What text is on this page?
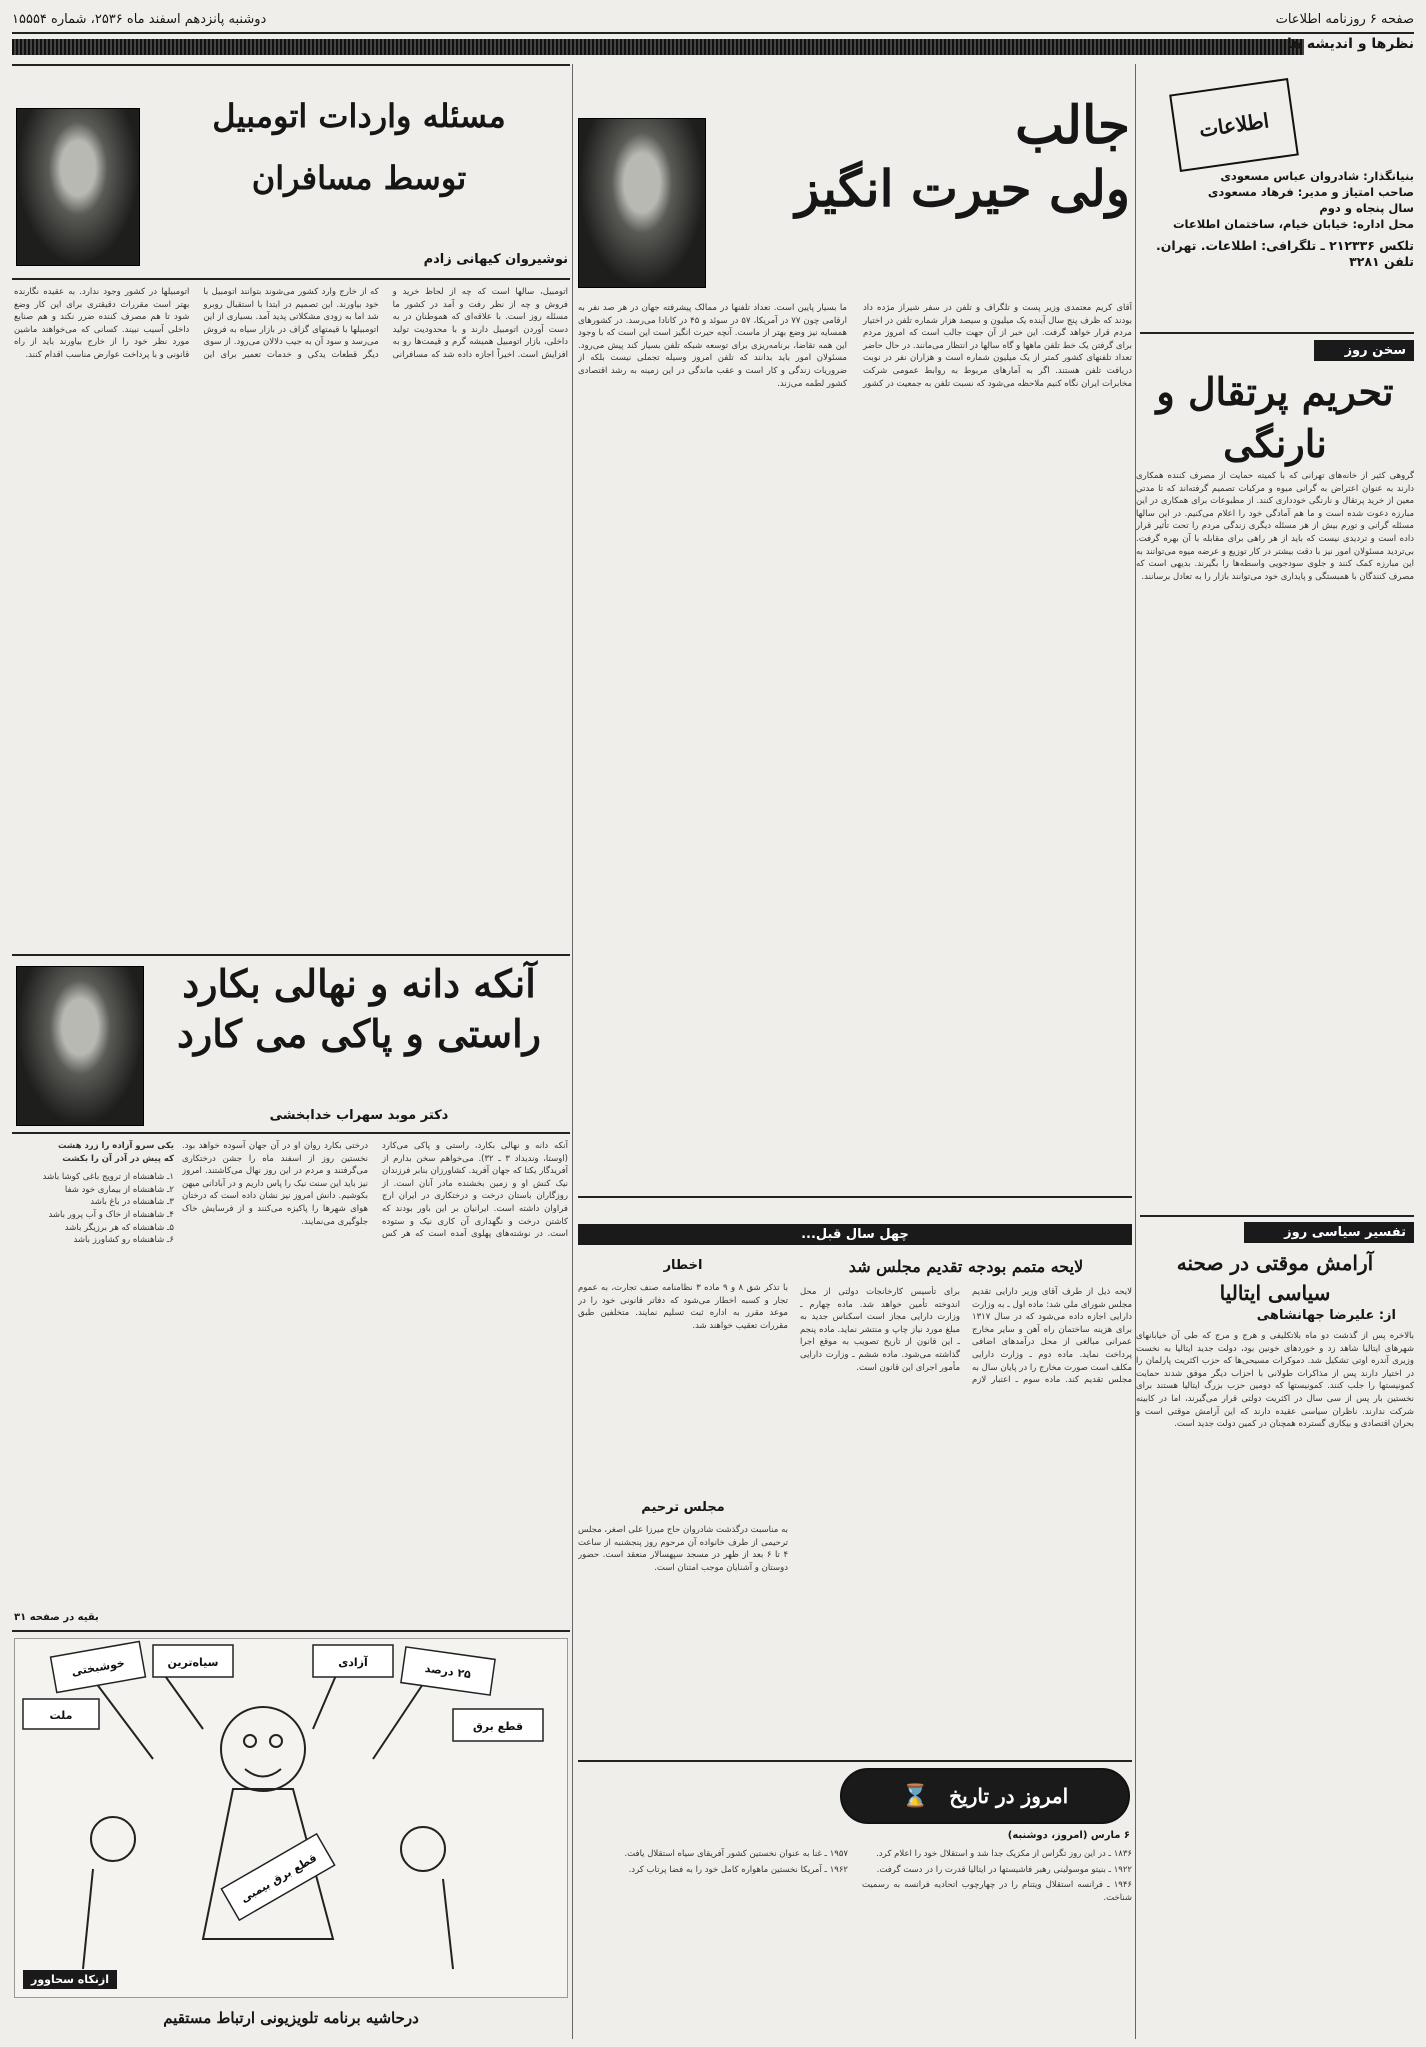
صفحه ۶ روزنامه اطلاعات
دوشنبه پانزدهم اسفند ماه ۲۵۳۶، شماره ۱۵۵۵۴
نظرها و اندیشه ها
اطلاعات
بنیانگذار: شادروان عباس مسعودی
صاحب امتیاز و مدیر: فرهاد مسعودی
سال پنجاه و دوم
محل اداره: خیابان خیام، ساختمان اطلاعات
تلکس ۲۱۲۳۳۶ ـ تلگرافی: اطلاعات. تهران. تلفن ۳۲۸۱
سخن روز
تحریم پرتقال و نارنگی
گروهی کثیر از خانه‌های تهرانی که با کمیته حمایت از مصرف کننده همکاری دارند به عنوان اعتراض به گرانی میوه و مرکبات تصمیم گرفته‌اند که تا مدتی معین از خرید پرتقال و نارنگی خودداری کنند. از مطبوعات برای همکاری در این مبارزه دعوت شده است و ما هم آمادگی خود را اعلام می‌کنیم. در این سالها مسئله گرانی و تورم بیش از هر مسئله دیگری زندگی مردم را تحت تأثیر قرار داده است و تردیدی نیست که باید از هر راهی برای مقابله با آن بهره گرفت. بی‌تردید مسئولان امور نیز با دقت بیشتر در کار توزیع و عرضه میوه می‌توانند به این مبارزه کمک کنند و جلوی سودجویی واسطه‌ها را بگیرند. بدیهی است که مصرف کنندگان با همبستگی و پایداری خود می‌توانند بازار را به تعادل برسانند.
تفسیر سیاسی روز
آرامش موقتی در صحنه
سیاسی ایتالیا
از: علیرضا جهانشاهی
بالاخره پس از گذشت دو ماه بلاتکلیفی و هرج و مرج که طی آن خیابانهای شهرهای ایتالیا شاهد زد و خوردهای خونین بود، دولت جدید ایتالیا به نخست وزیری آندره اوتی تشکیل شد. دموکرات مسیحی‌ها که حزب اکثریت پارلمان را در اختیار دارند پس از مذاکرات طولانی با احزاب دیگر موفق شدند حمایت کمونیستها را جلب کنند. کمونیستها که دومین حزب بزرگ ایتالیا هستند برای نخستین بار پس از سی سال در اکثریت دولتی قرار می‌گیرند، اما در کابینه شرکت ندارند. ناظران سیاسی عقیده دارند که این آرامش موقتی است و بحران اقتصادی و بیکاری گسترده همچنان در کمین دولت جدید است.
جالب
ولی حیرت انگیز
آقای کریم معتمدی وزیر پست و تلگراف و تلفن در سفر شیراز مژده داد بودند که ظرف پنج سال آینده یک میلیون و سیصد هزار شماره تلفن در اختیار مردم قرار خواهد گرفت. این خبر از آن جهت جالب است که امروز مردم برای گرفتن یک خط تلفن ماهها و گاه سالها در انتظار می‌مانند. در حال حاضر تعداد تلفنهای کشور کمتر از یک میلیون شماره است و هزاران نفر در نوبت دریافت تلفن هستند. اگر به آمارهای مربوط به روابط عمومی شرکت مخابرات ایران نگاه کنیم ملاحظه می‌شود که نسبت تلفن به جمعیت در کشور ما بسیار پایین است. تعداد تلفنها در ممالک پیشرفته جهان در هر صد نفر به ارقامی چون ۷۷ در آمریکا، ۵۷ در سوئد و ۴۵ در کانادا می‌رسد. در کشورهای همسایه نیز وضع بهتر از ماست. آنچه حیرت انگیز است این است که با وجود این همه تقاضا، برنامه‌ریزی برای توسعه شبکه تلفن بسیار کند پیش می‌رود. مسئولان امور باید بدانند که تلفن امروز وسیله تجملی نیست بلکه از ضروریات زندگی و کار است و عقب ماندگی در این زمینه به رشد اقتصادی کشور لطمه می‌زند.
مسئله واردات اتومبیل
توسط مسافران
نوشیروان کیهانی زادم
اتومبیل، سالها است که چه از لحاظ خرید و فروش و چه از نظر رفت و آمد در کشور ما مسئله روز است. با علاقه‌ای که هموطنان در به دست آوردن اتومبیل دارند و با محدودیت تولید داخلی، بازار اتومبیل همیشه گرم و قیمت‌ها رو به افزایش است. اخیراً اجازه داده شد که مسافرانی که از خارج وارد کشور می‌شوند بتوانند اتومبیل با خود بیاورند. این تصمیم در ابتدا با استقبال روبرو شد اما به زودی مشکلاتی پدید آمد. بسیاری از این اتومبیلها با قیمتهای گزاف در بازار سیاه به فروش می‌رسد و سود آن به جیب دلالان می‌رود. از سوی دیگر قطعات یدکی و خدمات تعمیر برای این اتومبیلها در کشور وجود ندارد. به عقیده نگارنده بهتر است مقررات دقیقتری برای این کار وضع شود تا هم مصرف کننده ضرر نکند و هم صنایع داخلی آسیب نبیند. کسانی که می‌خواهند ماشین مورد نظر خود را از خارج بیاورند باید از راه قانونی و با پرداخت عوارض مناسب اقدام کنند.
آنکه دانه و نهالی بکارد
راستی و پاکی می کارد
دکتر موبد سهراب خدابخشی
یکی سرو آزاده را زرد هشت
که پیش در آذر آن را بکشت
۱ـ شاهنشاه از ترویج باغی کوشا باشد
۲ـ شاهنشاه از بیماری خود شفا
۳ـ شاهنشاه در باغ باشد
۴ـ شاهنشاه از خاک و آب پرور باشد
۵ـ شاهنشاه که هر برزیگر باشد
۶ـ شاهنشاه رو کشاورز باشد
آنکه دانه و نهالی بکارد، راستی و پاکی می‌کارد (اوستا، وندیداد ۳ ـ ۳۲). می‌خواهم سخن بدارم از آفریدگار یکتا که جهان آفرید. کشاورزان بنابر فرزندان نیک کنش او و زمین بخشنده مادر آنان است. از روزگاران باستان درخت و درختکاری در ایران ارج فراوان داشته است. ایرانیان بر این باور بودند که کاشتن درخت و نگهداری آن کاری نیک و ستوده است. در نوشته‌های پهلوی آمده است که هر کس درختی بکارد روان او در آن جهان آسوده خواهد بود. نخستین روز از اسفند ماه را جشن درختکاری می‌گرفتند و مردم در این روز نهال می‌کاشتند. امروز نیز باید این سنت نیک را پاس داریم و در آبادانی میهن بکوشیم. دانش امروز نیز نشان داده است که درختان هوای شهرها را پاکیزه می‌کنند و از فرسایش خاک جلوگیری می‌نمایند.
بقیه در صفحه ۳۱
خوشبختی	سیاه‌ترین	آزادی	۲۵ درصد
ملت
قطع برق
قطع برق بیمبی
ازنکاه سحاوور
درحاشیه برنامه تلویزیونی ارتباط مستقیم
چهل سال قبل...
لایحه متمم بودجه تقدیم مجلس شد
لایحه ذیل از طرف آقای وزیر دارایی تقدیم مجلس شورای ملی شد: ماده اول ـ به وزارت دارایی اجازه داده می‌شود که در سال ۱۳۱۷ برای هزینه ساختمان راه آهن و سایر مخارج عمرانی مبالغی از محل درآمدهای اضافی پرداخت نماید. ماده دوم ـ وزارت دارایی مکلف است صورت مخارج را در پایان سال به مجلس تقدیم کند. ماده سوم ـ اعتبار لازم برای تأسیس کارخانجات دولتی از محل اندوخته تأمین خواهد شد. ماده چهارم ـ وزارت دارایی مجاز است اسکناس جدید به مبلغ مورد نیاز چاپ و منتشر نماید. ماده پنجم ـ این قانون از تاریخ تصویب به موقع اجرا گذاشته می‌شود. ماده ششم ـ وزارت دارایی مأمور اجرای این قانون است.
اخطار
با تذکر شق ۸ و ۹ ماده ۳ نظامنامه صنف تجارت، به عموم تجار و کسبه اخطار می‌شود که دفاتر قانونی خود را در موعد مقرر به اداره ثبت تسلیم نمایند. متخلفین طبق مقررات تعقیب خواهند شد.
مجلس ترحیم
به مناسبت درگذشت شادروان حاج میرزا علی اصغر، مجلس ترحیمی از طرف خانواده آن مرحوم روز پنجشنبه از ساعت ۴ تا ۶ بعد از ظهر در مسجد سپهسالار منعقد است. حضور دوستان و آشنایان موجب امتنان است.
امروز در تاریخ
⌛
۶ مارس (امروز، دوشنبه)

۱۸۳۶ ـ در این روز تگزاس از مکزیک جدا شد و استقلال خود را اعلام کرد.

۱۹۲۲ ـ بنیتو موسولینی رهبر فاشیستها در ایتالیا قدرت را در دست گرفت.

۱۹۴۶ ـ فرانسه استقلال ویتنام را در چهارچوب اتحادیه فرانسه به رسمیت شناخت.

۱۹۵۷ ـ غنا به عنوان نخستین کشور آفریقای سیاه استقلال یافت.

۱۹۶۲ ـ آمریکا نخستین ماهواره کامل خود را به فضا پرتاب کرد.
